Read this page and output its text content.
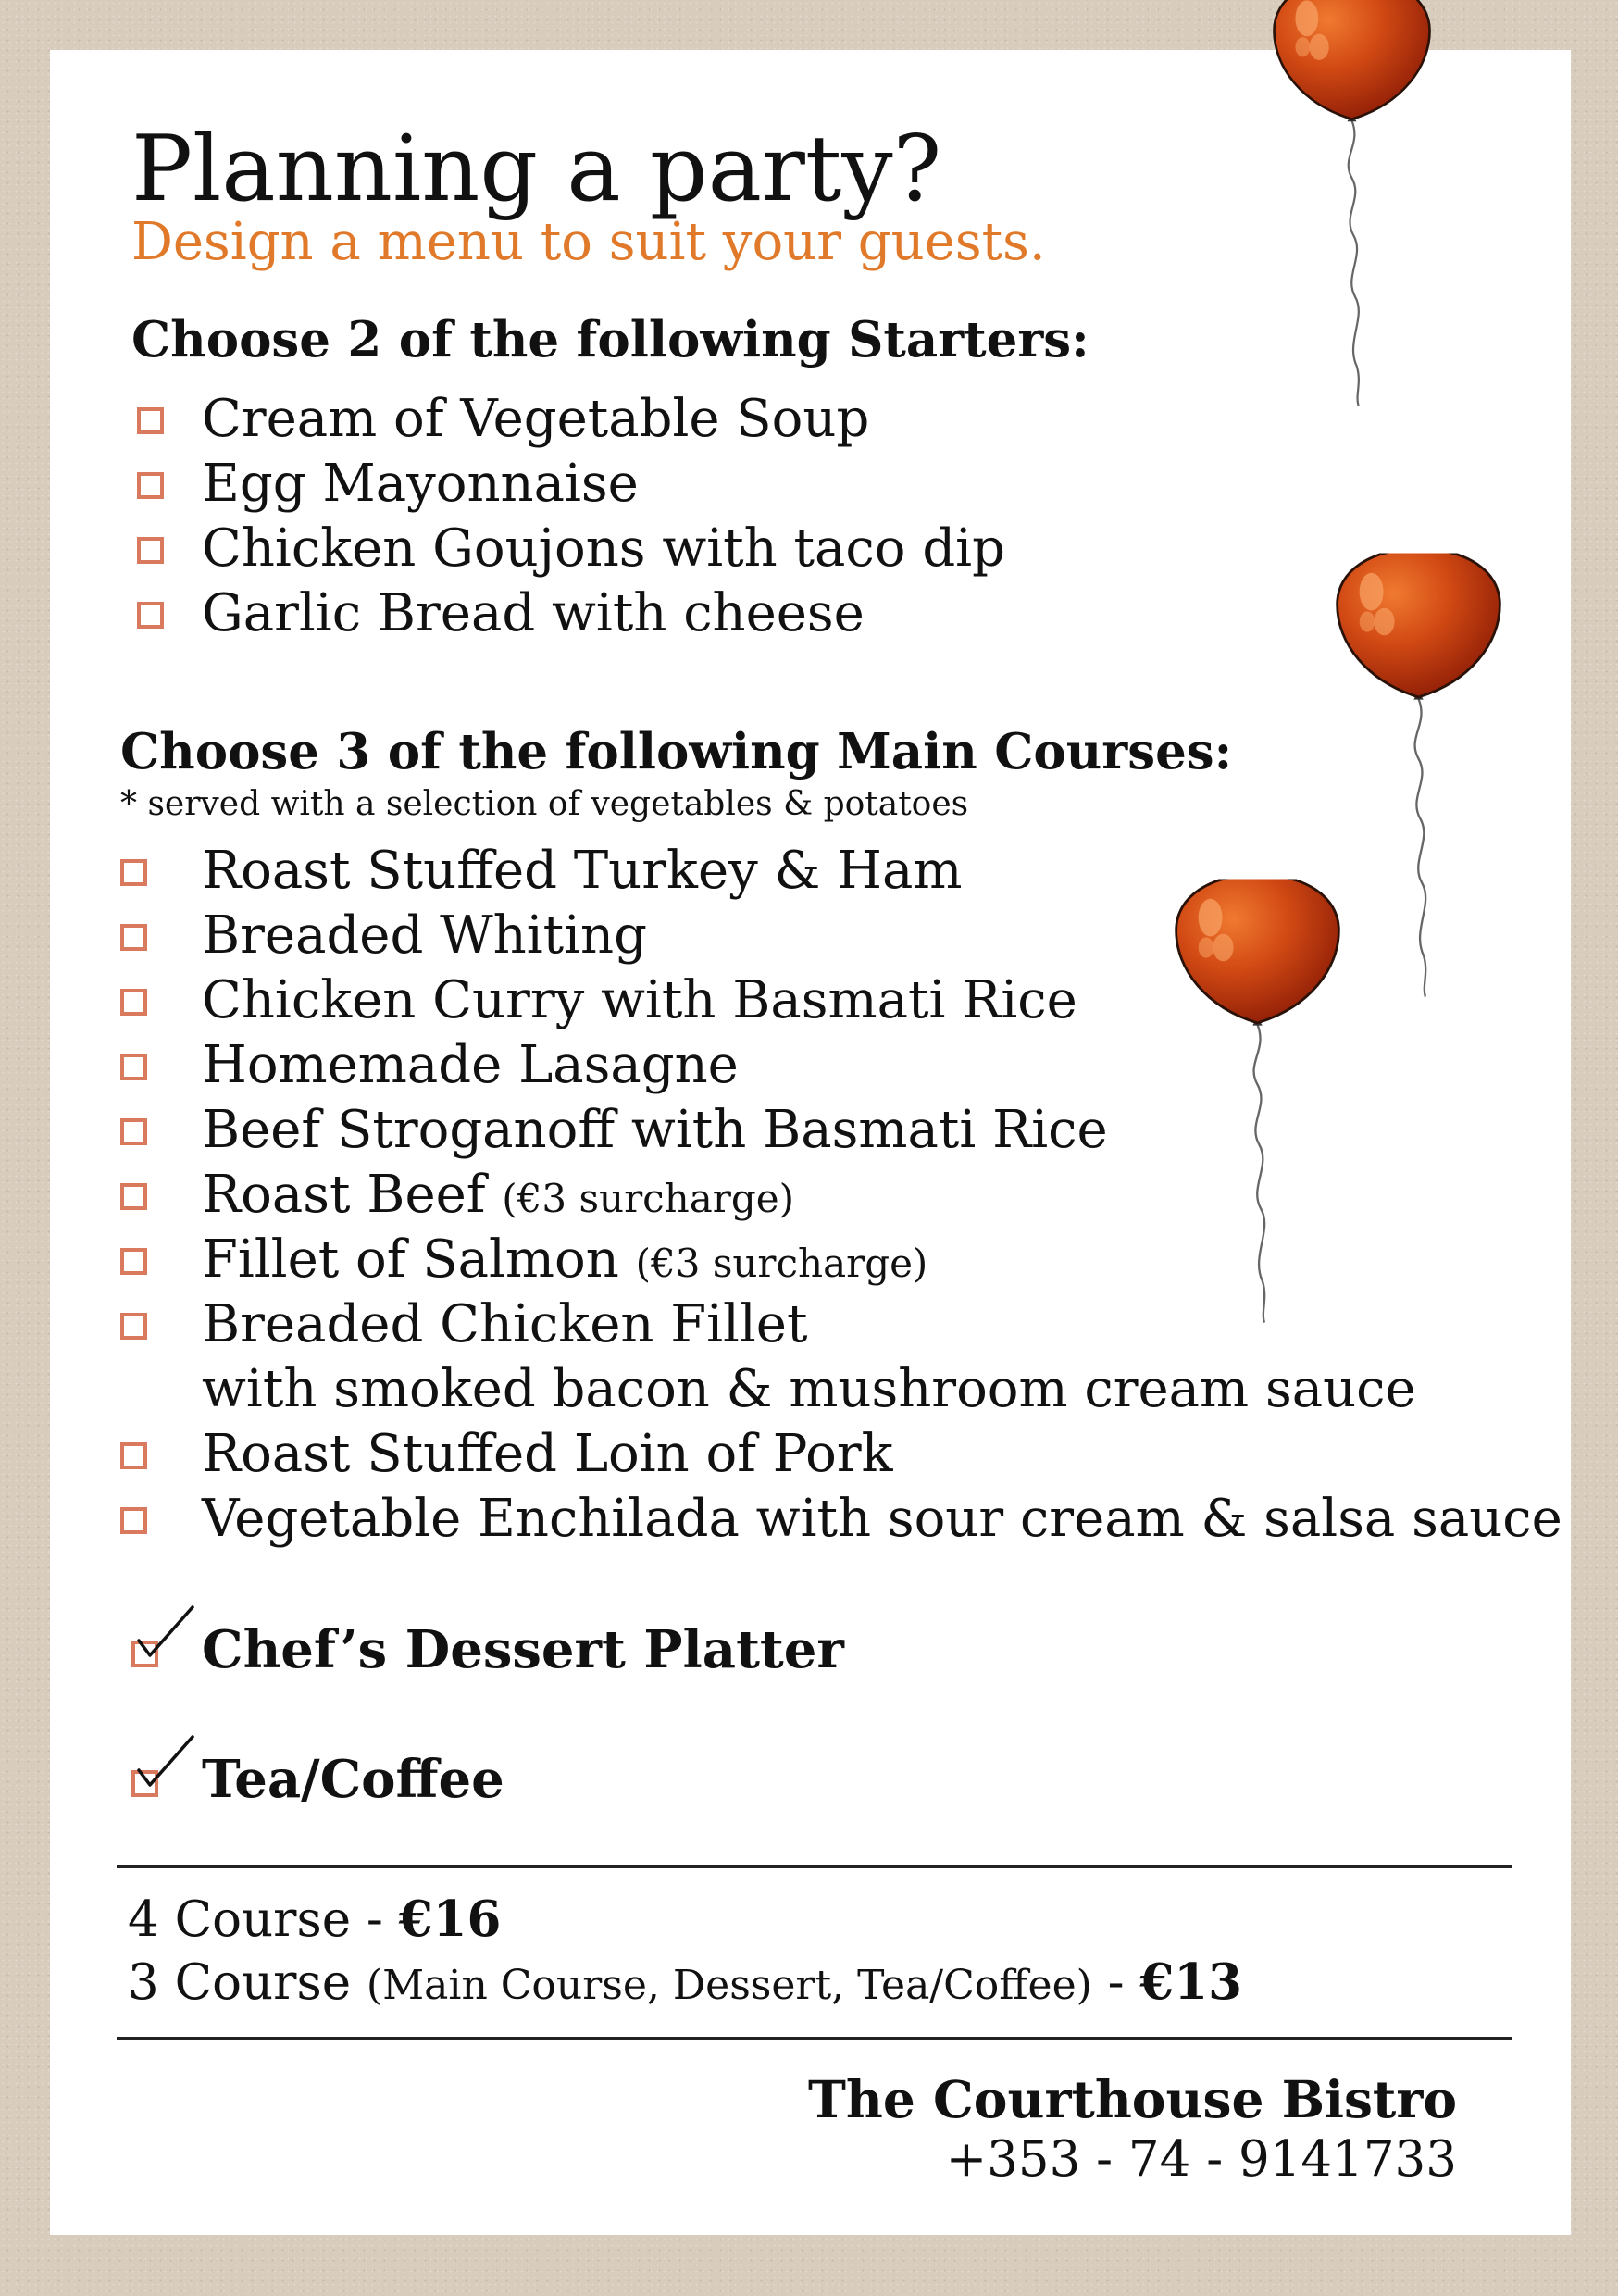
Planning a party?
Design a menu to suit your guests.
Choose 2 of the following Starters:
Cream of Vegetable Soup
Egg Mayonnaise
Chicken Goujons with taco dip
Garlic Bread with cheese
Choose 3 of the following Main Courses:
* served with a selection of vegetables & potatoes
Roast Stuffed Turkey & Ham
Breaded Whiting
Chicken Curry with Basmati Rice
Homemade Lasagne
Beef Stroganoff with Basmati Rice
Roast Beef (€3 surcharge)
Fillet of Salmon (€3 surcharge)
Breaded Chicken Fillet
with smoked bacon & mushroom cream sauce
Roast Stuffed Loin of Pork
Vegetable Enchilada with sour cream & salsa sauce
Chef’s Dessert Platter
Tea/Coffee
4 Course - €16
3 Course (Main Course, Dessert, Tea/Coffee) - €13
The Courthouse Bistro
+353 - 74 - 9141733
